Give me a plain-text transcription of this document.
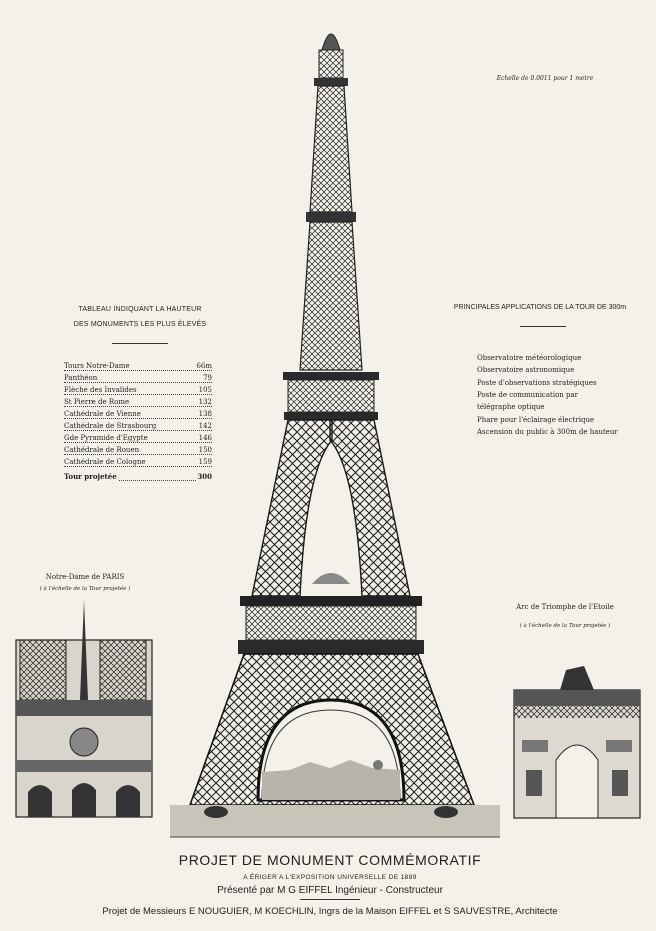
Echelle de 0.0011 pour 1 metre
TABLEAU INDIQUANT LA HAUTEUR
DES MONUMENTS LES PLUS ÉLEVÉS
Tours Notre-Dame	66m
Panthéon	79
Flèche des Invalides	105
St Pierre de Rome	132
Cathédrale de Vienne	138
Cathédrale de Strasbourg	142
Gde Pyramide d'Egypte	146
Cathédrale de Rouen	150
Cathédrale de Cologne	159
Tour projetée	300
PRINCIPALES APPLICATIONS DE LA TOUR DE 300m
Observatoire météorologique
Observatoire astronomique
Poste d'observations stratégiques
Poste de communication par
télégraphe optique
Phare pour l'éclairage électrique
Ascension du public à 300m de hauteur
Notre-Dame de PARIS
( à l'échelle de la Tour projetée )
Arc de Triomphe de l'Etoile
( à l'échelle de la Tour projetée )
PROJET DE MONUMENT COMMÉMORATIF
A ÉRIGER A L'EXPOSITION UNIVERSELLE DE 1889
Présenté par M G EIFFEL Ingénieur - Constructeur
Projet de Messieurs E NOUGUIER, M KOECHLIN, Ingrs de la Maison EIFFEL et S SAUVESTRE, Architecte
